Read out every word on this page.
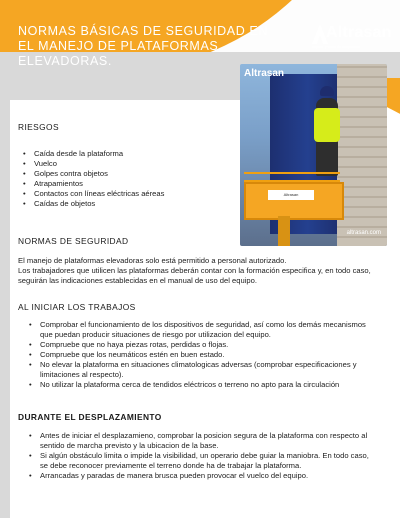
NORMAS BÁSICAS DE SEGURIDAD EN EL MANEJO DE PLATAFORMAS ELEVADORAS.
Altrasan
alquiler y venta de maquinaria
Altrasan
Altrasan
altrasan.com
RIESGOS
• Caída desde la plataforma
• Vuelco
• Golpes contra objetos
• Atrapamientos
• Contactos con líneas eléctricas aéreas
• Caídas de objetos
NORMAS DE SEGURIDAD

El manejo de plataformas elevadoras solo está permitido a personal autorizado.

Los trabajadores que utilicen las plataformas deberán contar con la formación especifica y, en todo caso, seguirán las indicaciones establecidas en el manual de uso del equipo.

AL INICIAR LOS TRABAJOS
• Comprobar el funcionamiento de los dispositivos de seguridad, así como los demás mecanismos que puedan producir situaciones de riesgo por utilizacion del equipo.
• Compruebe que no haya piezas rotas, perdidas o flojas.
• Compruebe que los neumáticos estén en buen estado.
• No elevar la plataforma en situaciones climatologicas adversas (comprobar especificaciones y limitaciones al respecto).
• No utilizar la plataforma cerca de tendidos eléctricos o terreno no apto para la circulación
DURANTE EL DESPLAZAMIENTO
• Antes de iniciar el desplazamieno, comprobar la posicion segura de la plataforma con respecto al sentido de marcha previsto y la ubicacion de la base.
• Si algún obstáculo limita o impide la visibilidad, un operario debe guiar la maniobra. En todo caso, se debe reconocer previamente el terreno donde ha de trabajar la plataforma.
• Arrancadas y paradas de manera brusca pueden provocar el vuelco del equipo.
